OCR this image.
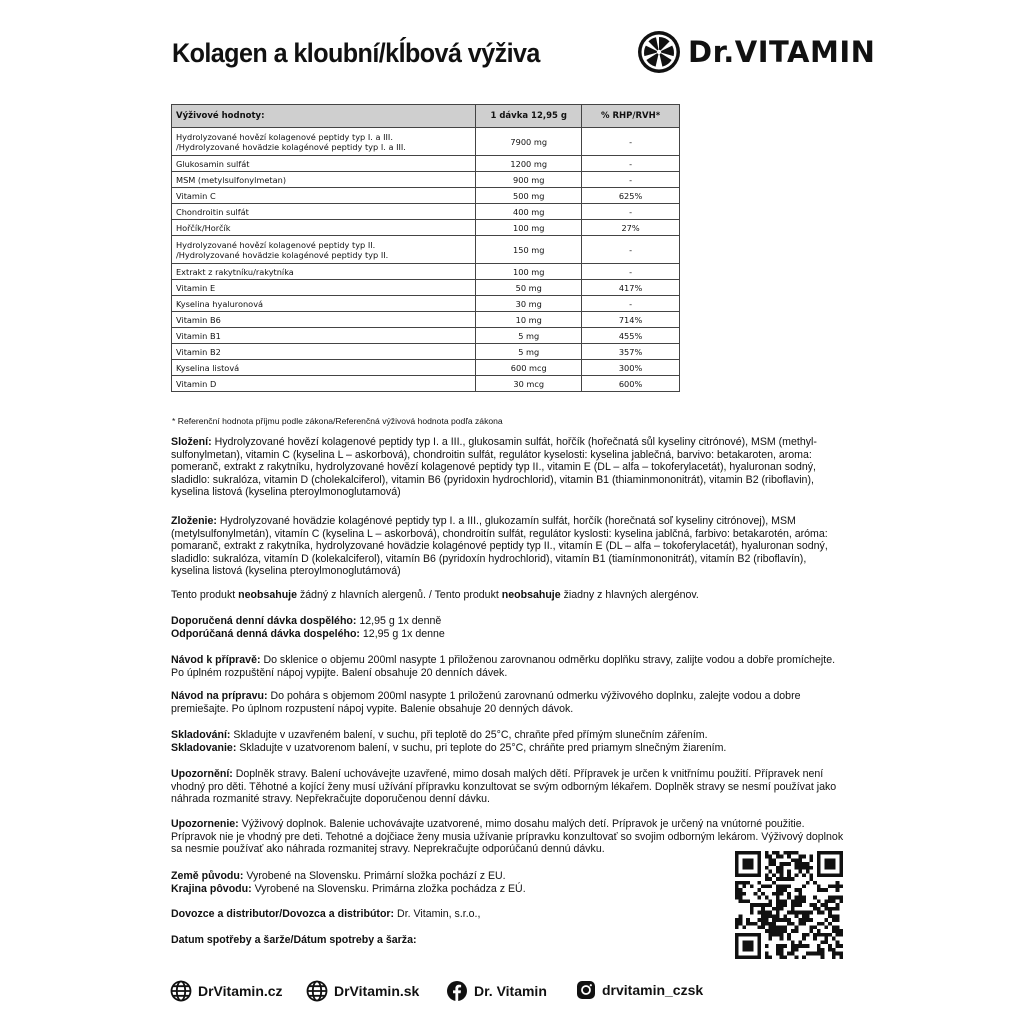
Kolagen a kloubní/kĺbová výživa	Dr.VITAMIN
Výživové hodnoty:	1 dávka 12,95 g	% RHP/RVH*

Hydrolyzované hovězí kolagenové peptidy typ I. a III.
/Hydrolyzované hovädzie kolagénové peptidy typ I. a III.	7900 mg	-

Glukosamin sulfát	1200 mg	-

MSM (metylsulfonylmetan)	900 mg	-

Vitamin C	500 mg	625%

Chondroitin sulfát	400 mg	-

Hořčík/Horčík	100 mg	27%

Hydrolyzované hovězí kolagenové peptidy typ II.
/Hydrolyzované hovädzie kolagénové peptidy typ II.	150 mg	-

Extrakt z rakytníku/rakytníka	100 mg	-

Vitamin E	50 mg	417%

Kyselina hyaluronová	30 mg	-

Vitamin B6	10 mg	714%

Vitamin B1	5 mg	455%

Vitamin B2	5 mg	357%

Kyselina listová	600 mcg	300%

Vitamin D	30 mcg	600%
* Referenční hodnota příjmu podle zákona/Referenčná výživová hodnota podľa zákona
Složení: Hydrolyzované hovězí kolagenové peptidy typ I. a III., glukosamin sulfát, hořčík (hořečnatá sůl kyseliny citrónové), MSM (methyl-sulfonylmetan), vitamin C (kyselina L – askorbová), chondroitin sulfát, regulátor kyselosti: kyselina jablečná, barvivo: betakaroten, aroma: pomeranč, extrakt z rakytníku, hydrolyzované hovězí kolagenové peptidy typ II., vitamin E (DL – alfa – tokoferylacetát), hyaluronan sodný, sladidlo: sukralóza, vitamin D (cholekalciferol), vitamin B6 (pyridoxin hydrochlorid), vitamin B1 (thiaminmononitrát), vitamin B2 (riboflavin), kyselina listová (kyselina pteroylmonoglutamová)
Zloženie: Hydrolyzované hovädzie kolagénové peptidy typ I. a III., glukozamín sulfát, horčík (horečnatá soľ kyseliny citrónovej), MSM (metylsulfonylmetán), vitamín C (kyselina L – askorbová), chondroitín sulfát, regulátor kyslosti: kyselina jablčná, farbivo: betakarotén, aróma: pomaranč, extrakt z rakytníka, hydrolyzované hovädzie kolagénové peptidy typ II., vitamín E (DL – alfa – tokoferylacetát), hyaluronan sodný, sladidlo: sukralóza, vitamín D (kolekalciferol), vitamín B6 (pyridoxín hydrochlorid), vitamín B1 (tiamínmononitrát), vitamín B2 (riboflavín), kyselina listová (kyselina pteroylmonoglutámová)
Tento produkt neobsahuje žádný z hlavních alergenů. / Tento produkt neobsahuje žiadny z hlavných alergénov.
Doporučená denní dávka dospělého: 12,95 g 1x denně
Odporúčaná denná dávka dospelého: 12,95 g 1x denne
Návod k přípravě: Do sklenice o objemu 200ml nasypte 1 přiloženou zarovnanou odměrku doplňku stravy, zalijte vodou a dobře promíchejte. Po úplném rozpuštění nápoj vypijte. Balení obsahuje 20 denních dávek.
Návod na prípravu: Do pohára s objemom 200ml nasypte 1 priloženú zarovnanú odmerku výživového doplnku, zalejte vodou a dobre premiešajte. Po úplnom rozpustení nápoj vypite. Balenie obsahuje 20 denných dávok.
Skladování: Skladujte v uzavřeném balení, v suchu, při teplotě do 25°C, chraňte před přímým slunečním zářením.
Skladovanie: Skladujte v uzatvorenom balení, v suchu, pri teplote do 25°C, chráňte pred priamym slnečným žiarením.
Upozornění: Doplněk stravy. Balení uchovávejte uzavřené, mimo dosah malých dětí. Přípravek je určen k vnitřnímu použití. Přípravek není vhodný pro děti. Těhotné a kojící ženy musí užívání přípravku konzultovat se svým odborným lékařem. Doplněk stravy se nesmí používat jako náhrada rozmanité stravy. Nepřekračujte doporučenou denní dávku.
Upozornenie: Výživový doplnok. Balenie uchovávajte uzatvorené, mimo dosahu malých detí. Prípravok je určený na vnútorné použitie. Prípravok nie je vhodný pre deti. Tehotné a dojčiace ženy musia užívanie prípravku konzultovať so svojim odborným lekárom. Výživový doplnok sa nesmie používať ako náhrada rozmanitej stravy. Neprekračujte odporúčanú dennú dávku.
Země původu: Vyrobené na Slovensku. Primární složka pochází z EU.
Krajina pôvodu: Vyrobené na Slovensku. Primárna zložka pochádza z EÚ.
Dovozce a distributor/Dovozca a distribútor: Dr. Vitamin, s.r.o.,
Datum spotřeby a šarže/Dátum spotreby a šarža:
DrVitamin.cz	DrVitamin.sk	Dr. Vitamin	drvitamin_czsk
